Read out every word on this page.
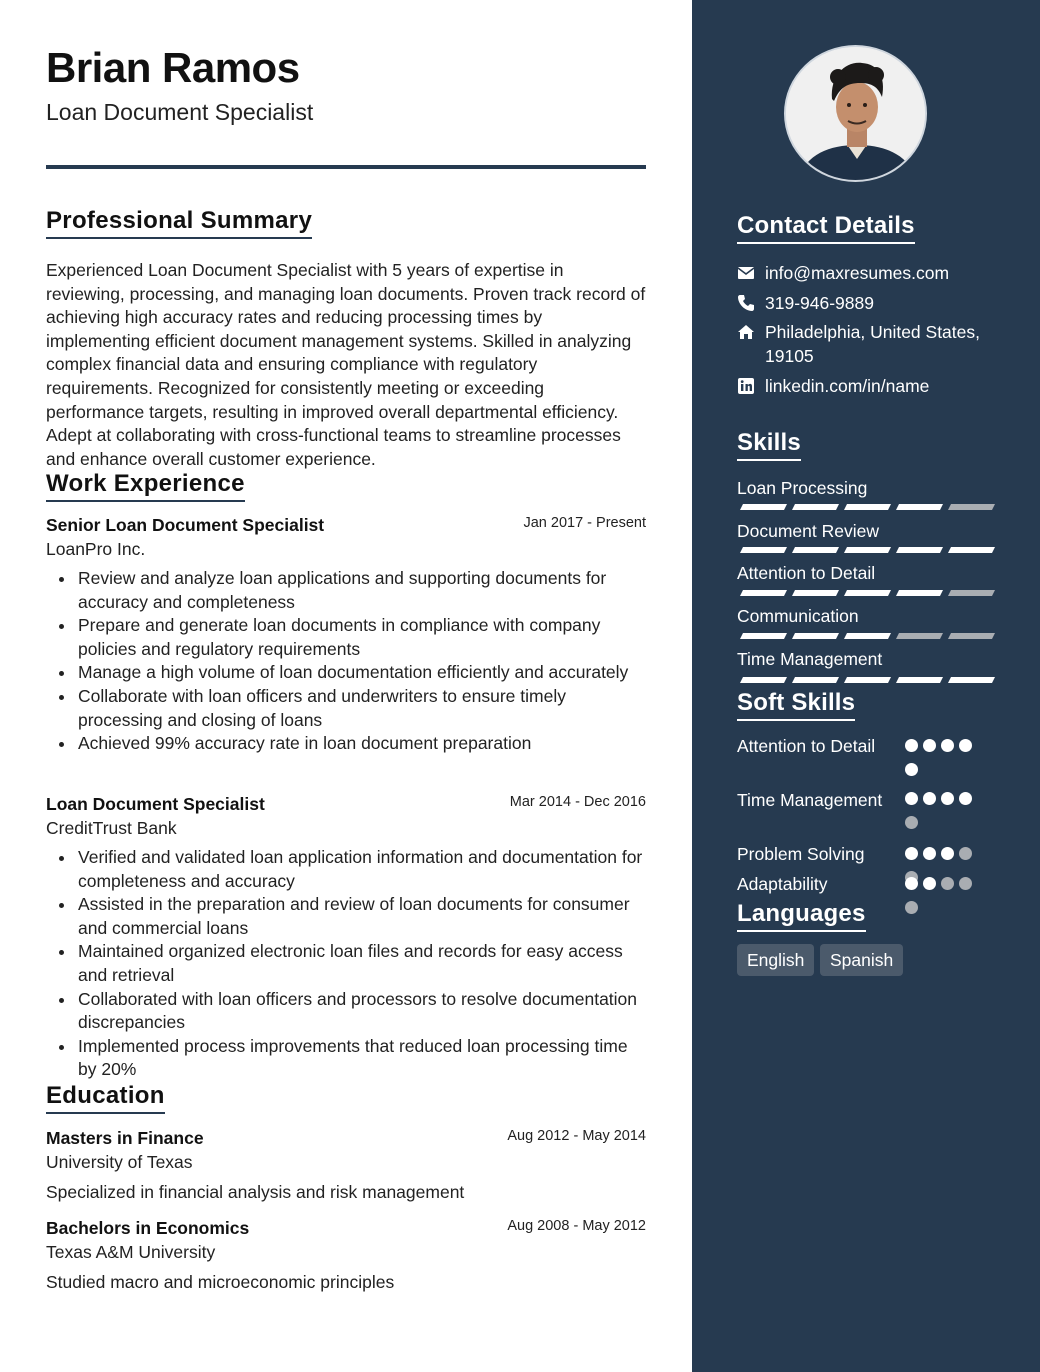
Brian Ramos
Loan Document Specialist
Professional Summary

Experienced Loan Document Specialist with 5 years of expertise in reviewing, processing, and managing loan documents. Proven track record of achieving high accuracy rates and reducing processing times by implementing efficient document management systems. Skilled in analyzing complex financial data and ensuring compliance with regulatory requirements. Recognized for consistently meeting or exceeding performance targets, resulting in improved overall departmental efficiency. Adept at collaborating with cross-functional teams to streamline processes and enhance overall customer experience.

Work Experience
Senior Loan Document Specialist	Jan 2017 - Present
LoanPro Inc.
Review and analyze loan applications and supporting documents for accuracy and completeness
Prepare and generate loan documents in compliance with company policies and regulatory requirements
Manage a high volume of loan documentation efficiently and accurately
Collaborate with loan officers and underwriters to ensure timely processing and closing of loans
Achieved 99% accuracy rate in loan document preparation
Loan Document Specialist	Mar 2014 - Dec 2016
CreditTrust Bank
Verified and validated loan application information and documentation for completeness and accuracy
Assisted in the preparation and review of loan documents for consumer and commercial loans
Maintained organized electronic loan files and records for easy access and retrieval
Collaborated with loan officers and processors to resolve documentation discrepancies
Implemented process improvements that reduced loan processing time by 20%
Education
Masters in Finance	Aug 2012 - May 2014
University of Texas
Specialized in financial analysis and risk management
Bachelors in Economics	Aug 2008 - May 2012
Texas A&M University
Studied macro and microeconomic principles
Contact Details
info@maxresumes.com
319-946-9889
Philadelphia, United States, 19105
linkedin.com/in/name
Skills
Loan Processing
Document Review
Attention to Detail
Communication
Time Management
Soft Skills
Attention to Detail
Time Management
Problem Solving
Adaptability
Languages
English	Spanish
